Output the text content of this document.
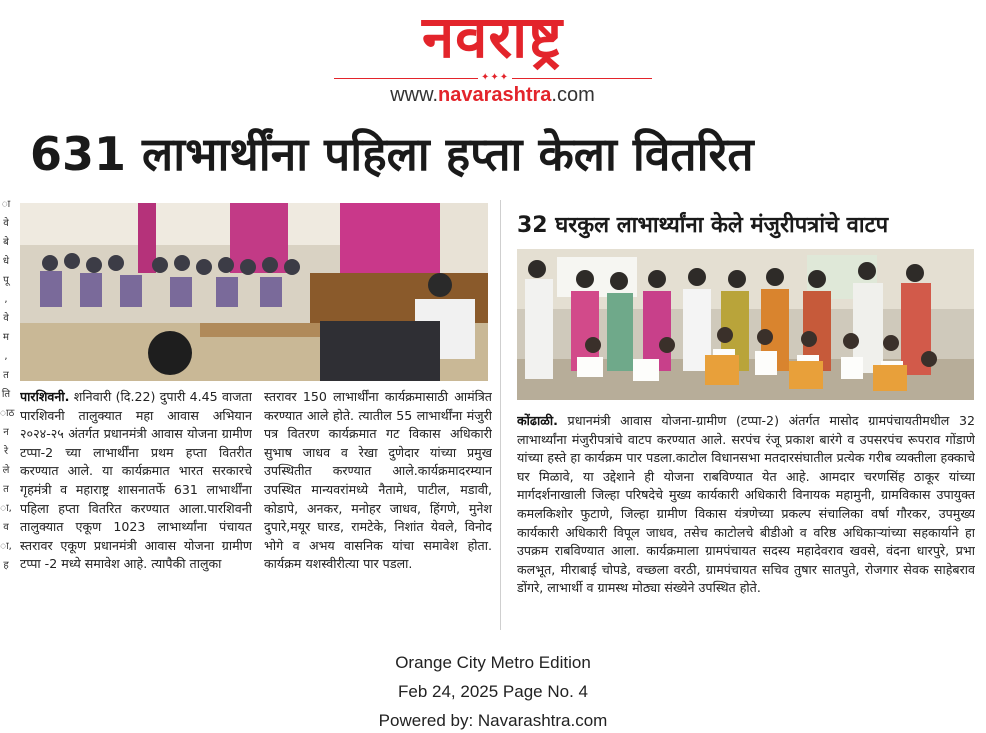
नवराष्ट्र
✦✦✦
www.navarashtra.com
ा
वे
बे
धे
पू
,
वे
म
,
त
ति
ाठ
न
रे
ले
त
ा,
व
ा,
ह
631 लाभार्थींना पहिला हप्ता केला वितरित
32 घरकुल लाभार्थ्यांना केले मंजुरीपत्रांचे वाटप
पारशिवनी. शनिवारी (दि.22) दुपारी 4.45 वाजता पारशिवनी तालुक्यात महा आवास अभियान २०२४-२५ अंतर्गत प्रधानमंत्री आवास योजना ग्रामीण टप्पा-2 च्या लाभार्थींना प्रथम हप्ता वितरीत करण्यात आले. या कार्यक्रमात भारत सरकारचे गृहमंत्री व महाराष्ट्र शासनातर्फे 631 लाभार्थींना पहिला हप्ता वितरित करण्यात आला.पारशिवनी तालुक्यात एकूण 1023 लाभार्थ्यांना पंचायत स्तरावर एकूण प्रधानमंत्री आवास योजना ग्रामीण टप्पा -2 मध्ये समावेश आहे. त्यापैकी तालुका
स्तरावर 150 लाभार्थींना कार्यक्रमासाठी आमंत्रित करण्यात आले होते. त्यातील 55 लाभार्थींना मंजुरी पत्र वितरण कार्यक्रमात गट विकास अधिकारी सुभाष जाधव व रेखा दुणेदार यांच्या प्रमुख उपस्थितीत करण्यात आले.कार्यक्रमादरम्यान उपस्थित मान्यवरांमध्ये नैतामे, पाटील, मडावी, कोडापे, अनकर, मनोहर जाधव, हिंगणे, मुनेश दुपारे,मयूर घारड, रामटेके, निशांत येवले, विनोद भोगे व अभय वासनिक यांचा समावेश होता. कार्यक्रम यशस्वीरीत्या पार पडला.
कोंढाळी. प्रधानमंत्री आवास योजना-ग्रामीण (टप्पा-2) अंतर्गत मासोद ग्रामपंचायतीमधील 32 लाभार्थ्यांना मंजुरीपत्रांचे वाटप करण्यात आले. सरपंच रंजू प्रकाश बारंगे व उपसरपंच रूपराव गोंडाणे यांच्या हस्ते हा कार्यक्रम पार पडला.काटोल विधानसभा मतदारसंघातील प्रत्येक गरीब व्यक्तीला हक्काचे घर मिळावे, या उद्देशाने ही योजना राबविण्यात येत आहे. आमदार चरणसिंह ठाकूर यांच्या मार्गदर्शनाखाली जिल्हा परिषदेचे मुख्य कार्यकारी अधिकारी विनायक महामुनी, ग्रामविकास उपायुक्त कमलकिशोर फुटाणे, जिल्हा ग्रामीण विकास यंत्रणेच्या प्रकल्प संचालिका वर्षा गौरकर, उपमुख्य कार्यकारी अधिकारी विपूल जाधव, तसेच काटोलचे बीडीओ व वरिष्ठ अधिकाऱ्यांच्या सहकार्याने हा उपक्रम राबविण्यात आला. कार्यक्रमाला ग्रामपंचायत सदस्य महादेवराव खवसे, वंदना धारपुरे, प्रभा कलभूत, मीराबाई चोपडे, वच्छला वरठी, ग्रामपंचायत सचिव तुषार सातपुते, रोजगार सेवक साहेबराव डोंगरे, लाभार्थी व ग्रामस्थ मोठ्या संख्येने उपस्थित होते.
Orange City Metro Edition
Feb 24, 2025 Page No. 4
Powered by: Navarashtra.com
